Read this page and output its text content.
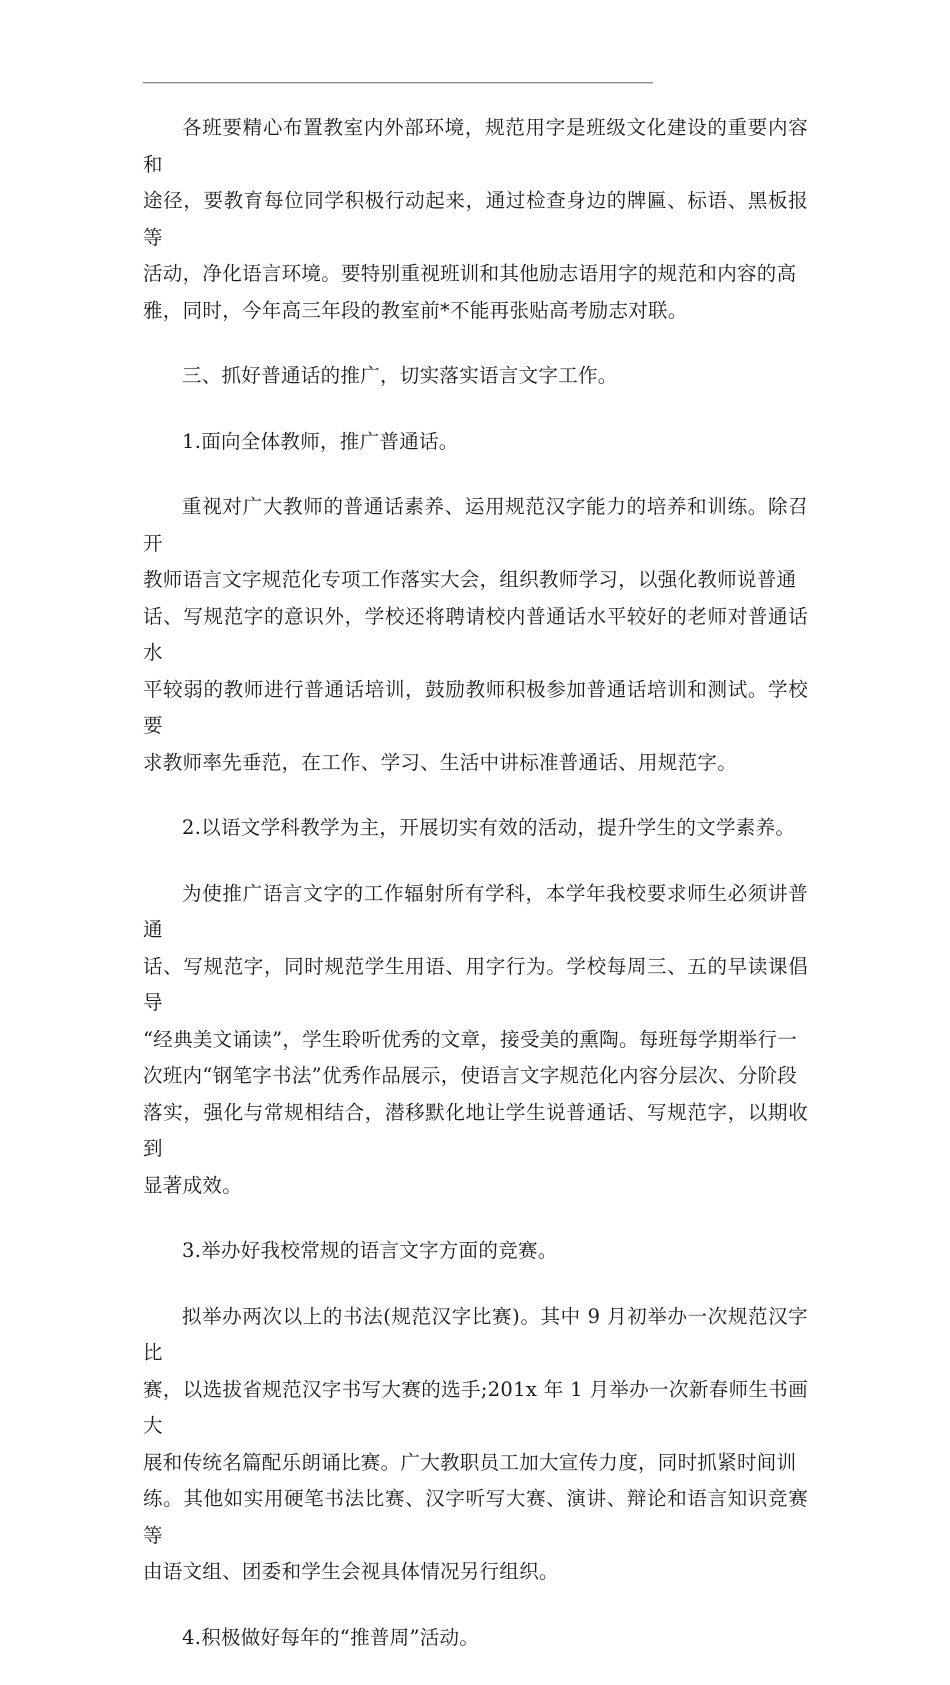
各班要精心布置教室内外部环境，规范用字是班级文化建设的重要内容和
途径，要教育每位同学积极行动起来，通过检查身边的牌匾、标语、黑板报等
活动，净化语言环境。要特别重视班训和其他励志语用字的规范和内容的高
雅，同时，今年高三年段的教室前*不能再张贴高考励志对联。

三、抓好普通话的推广，切实落实语言文字工作。

1.面向全体教师，推广普通话。

重视对广大教师的普通话素养、运用规范汉字能力的培养和训练。除召开
教师语言文字规范化专项工作落实大会，组织教师学习，以强化教师说普通
话、写规范字的意识外，学校还将聘请校内普通话水平较好的老师对普通话水
平较弱的教师进行普通话培训，鼓励教师积极参加普通话培训和测试。学校要
求教师率先垂范，在工作、学习、生活中讲标准普通话、用规范字。

2.以语文学科教学为主，开展切实有效的活动，提升学生的文学素养。

为使推广语言文字的工作辐射所有学科，本学年我校要求师生必须讲普通
话、写规范字，同时规范学生用语、用字行为。学校每周三、五的早读课倡导
“经典美文诵读”，学生聆听优秀的文章，接受美的熏陶。每班每学期举行一
次班内“钢笔字书法”优秀作品展示，使语言文字规范化内容分层次、分阶段
落实，强化与常规相结合，潜移默化地让学生说普通话、写规范字，以期收到
显著成效。

3.举办好我校常规的语言文字方面的竞赛。

拟举办两次以上的书法(规范汉字比赛)。其中 9 月初举办一次规范汉字比
赛，以选拔省规范汉字书写大赛的选手;201x 年 1 月举办一次新春师生书画大
展和传统名篇配乐朗诵比赛。广大教职员工加大宣传力度，同时抓紧时间训
练。其他如实用硬笔书法比赛、汉字听写大赛、演讲、辩论和语言知识竞赛等
由语文组、团委和学生会视具体情况另行组织。

4.积极做好每年的“推普周”活动。
